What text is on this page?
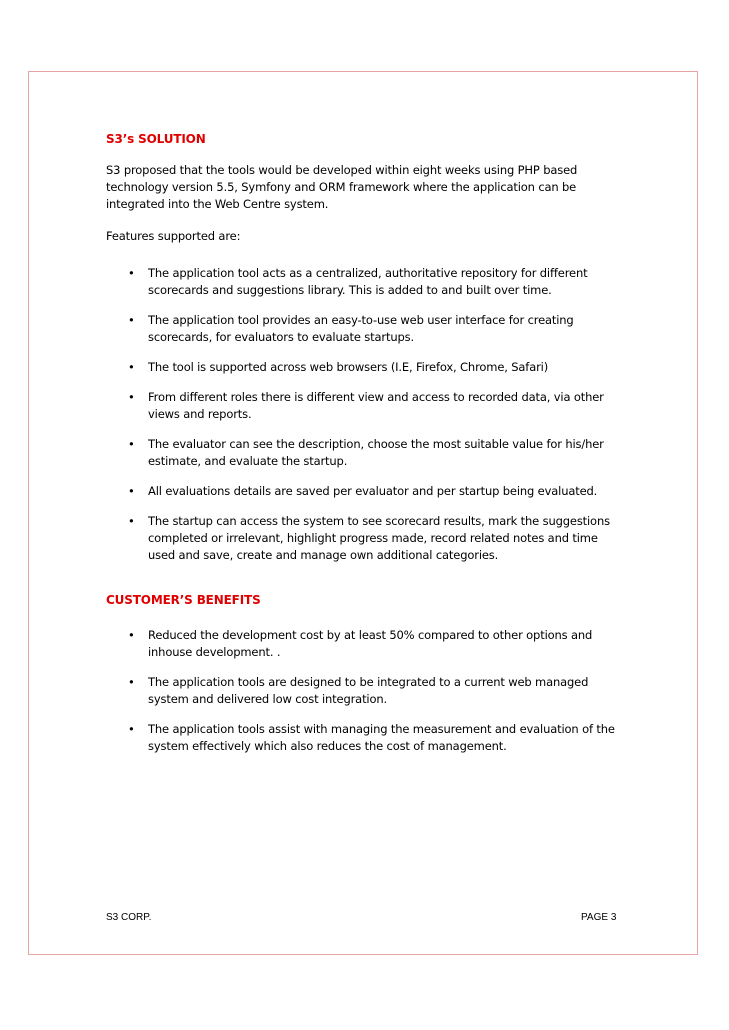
S3’s SOLUTION

S3 proposed that the tools would be developed within eight weeks using PHP based technology version 5.5, Symfony and ORM framework where the application can be integrated into the Web Centre system.

Features supported are:

• The application tool acts as a centralized, authoritative repository for different scorecards and suggestions library. This is added to and built over time.
• The application tool provides an easy-to-use web user interface for creating scorecards, for evaluators to evaluate startups.
• The tool is supported across web browsers (I.E, Firefox, Chrome, Safari)
• From different roles there is different view and access to recorded data, via other views and reports.
• The evaluator can see the description, choose the most suitable value for his/her estimate, and evaluate the startup.
• All evaluations details are saved per evaluator and per startup being evaluated.
• The startup can access the system to see scorecard results, mark the suggestions completed or irrelevant, highlight progress made, record related notes and time used and save, create and manage own additional categories.
CUSTOMER’S BENEFITS
• Reduced the development cost by at least 50% compared to other options and inhouse development. .
• The application tools are designed to be integrated to a current web managed system and delivered low cost integration.
• The application tools assist with managing the measurement and evaluation of the system effectively which also reduces the cost of management.
S3 CORP.	PAGE 3
